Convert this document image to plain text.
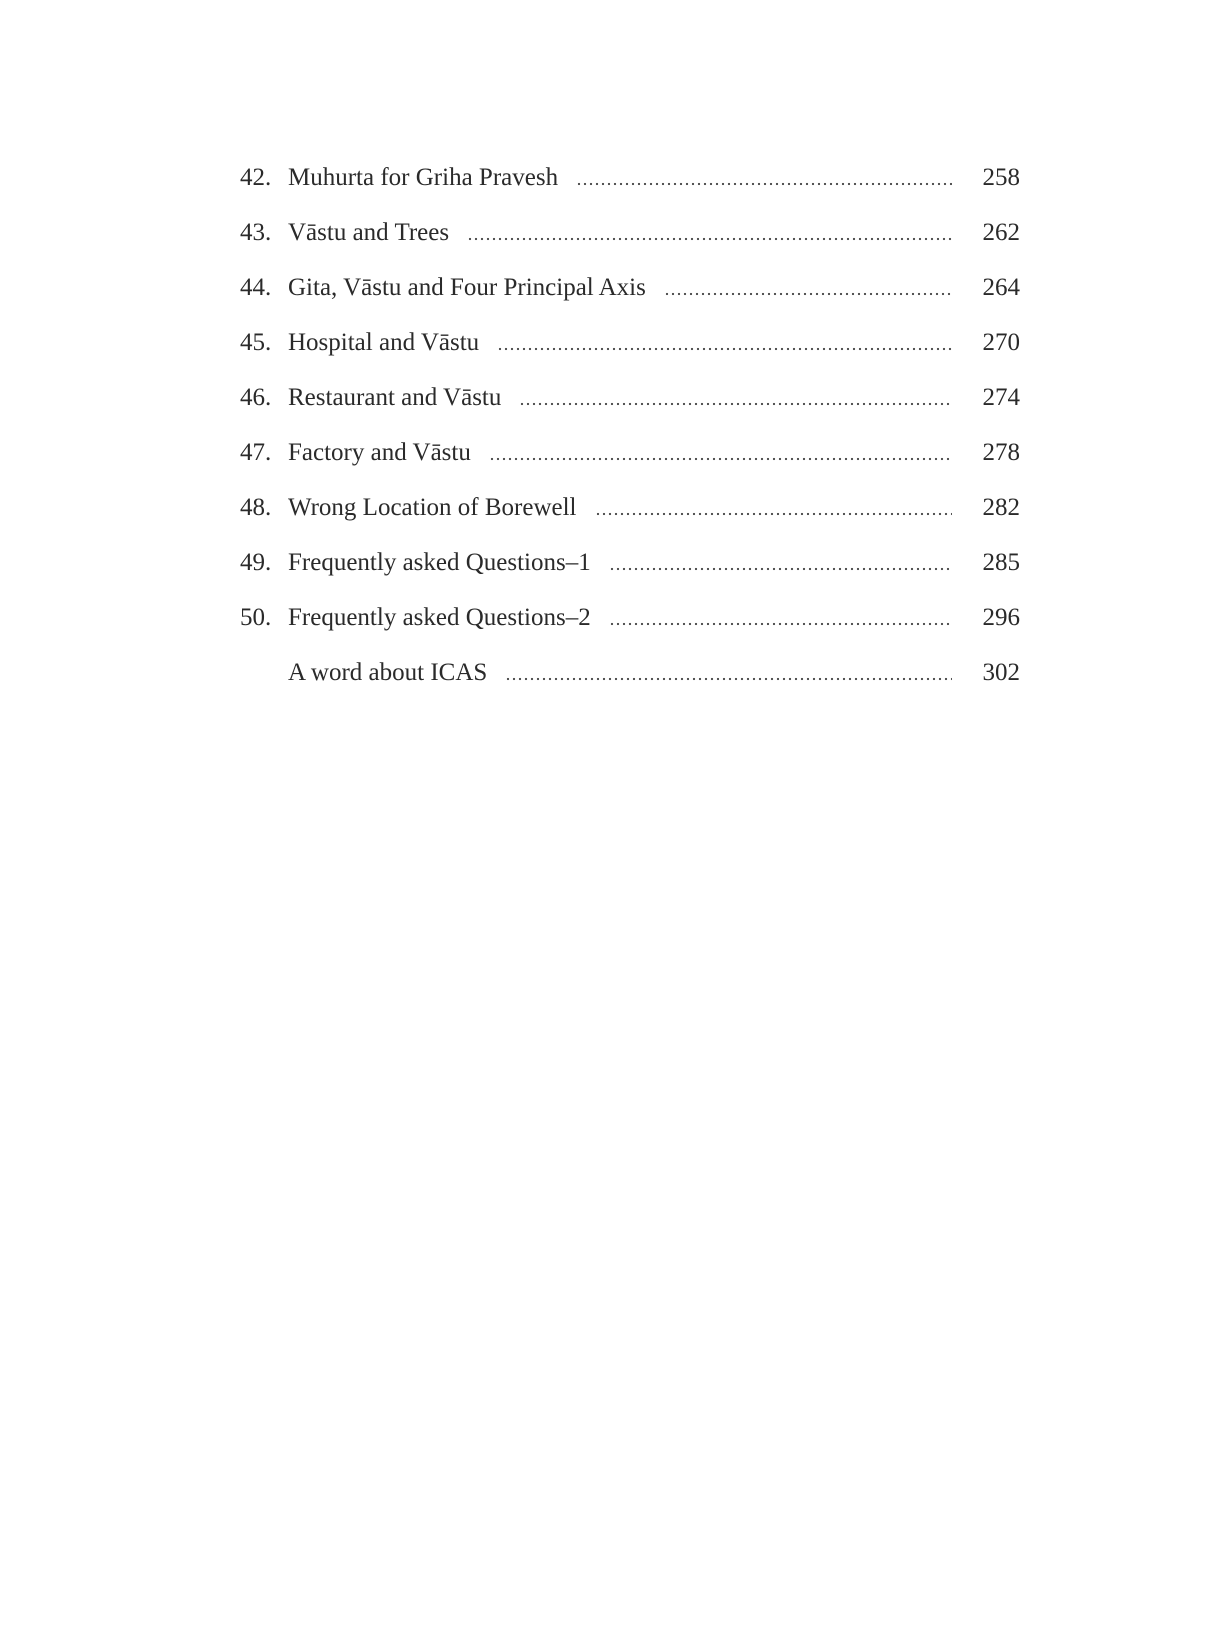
42. Muhurta for Griha Pravesh	258
43. Vāstu and Trees	262
44. Gita, Vāstu and Four Principal Axis	264
45. Hospital and Vāstu	270
46. Restaurant and Vāstu	274
47. Factory and Vāstu	278
48. Wrong Location of Borewell	282
49. Frequently asked Questions–1	285
50. Frequently asked Questions–2	296
A word about ICAS	302
